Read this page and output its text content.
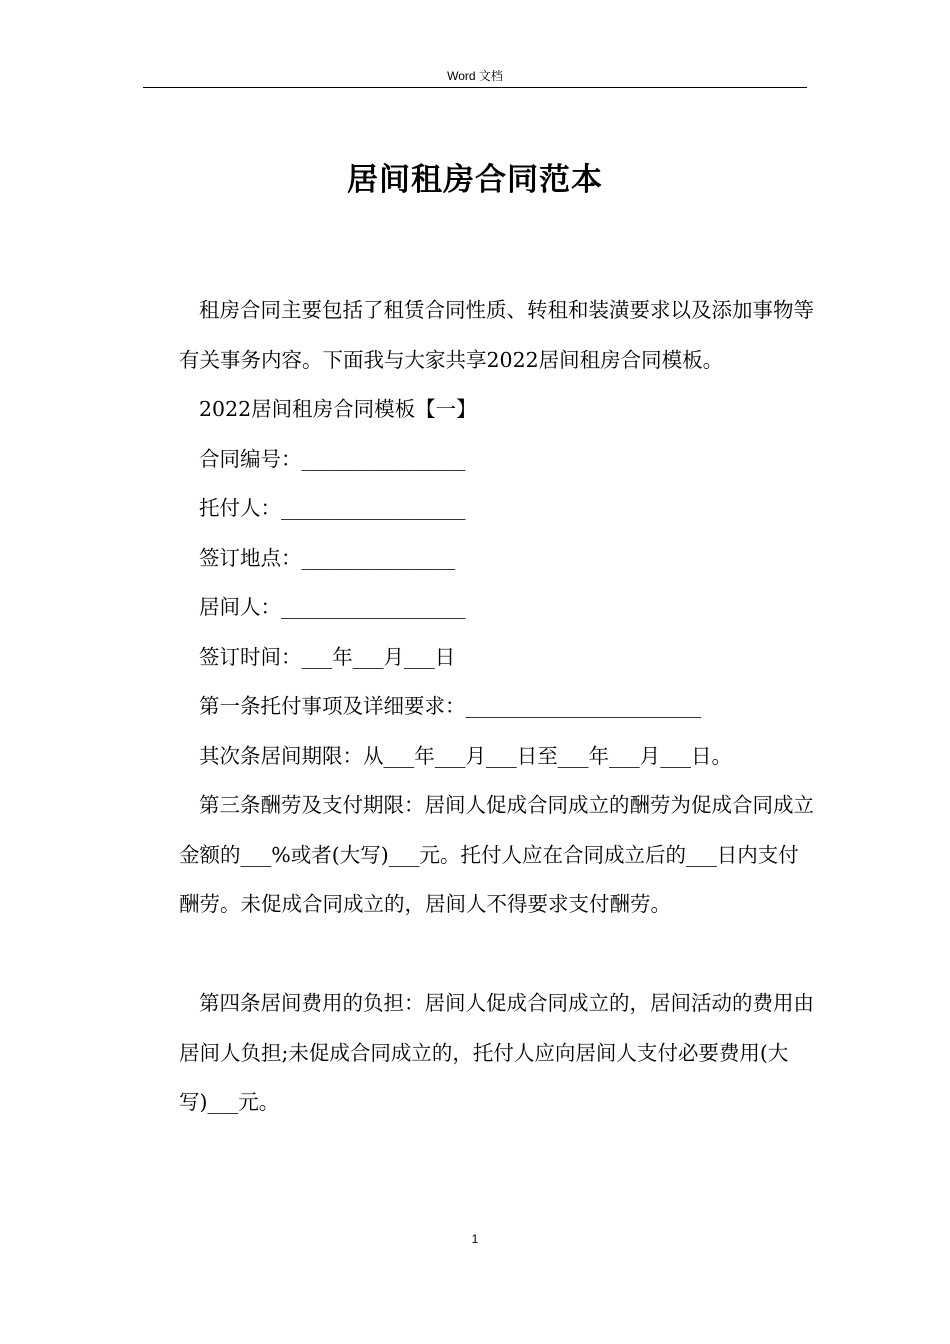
Word 文档
居间租房合同范本

租房合同主要包括了租赁合同性质、转租和装潢要求以及添加事物等有关事务内容。下面我与大家共享2022居间租房合同模板。

2022居间租房合同模板【一】

合同编号：________________

托付人：__________________

签订地点：_______________

居间人：__________________

签订时间：___年___月___日

第一条托付事项及详细要求：_______________________

其次条居间期限：从___年___月___日至___年___月___日。

第三条酬劳及支付期限：居间人促成合同成立的酬劳为促成合同成立金额的___%或者(大写)___元。托付人应在合同成立后的___日内支付酬劳。未促成合同成立的，居间人不得要求支付酬劳。

第四条居间费用的负担：居间人促成合同成立的，居间活动的费用由居间人负担;未促成合同成立的，托付人应向居间人支付必要费用(大写)___元。

1
